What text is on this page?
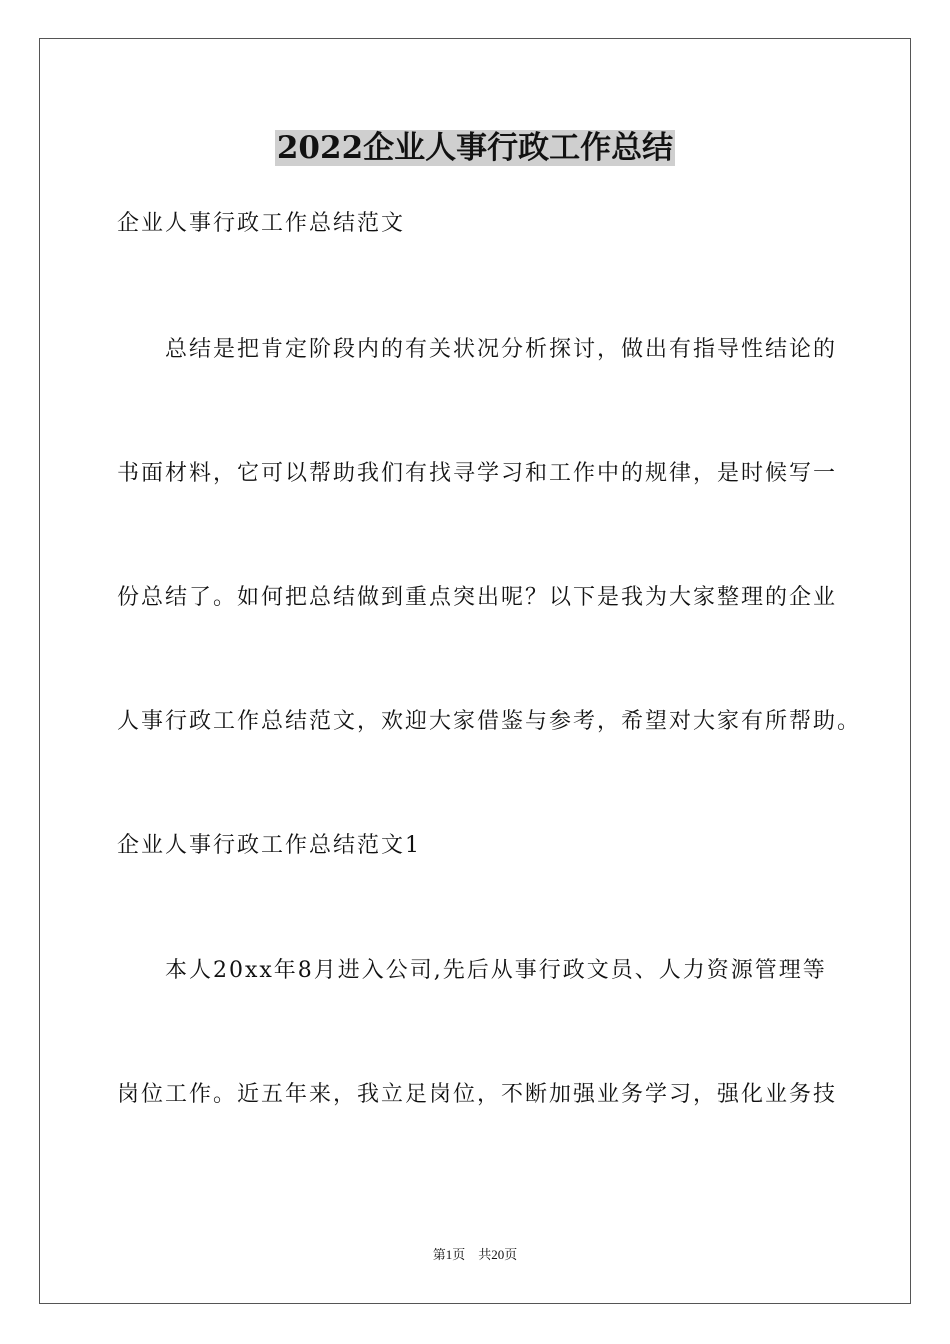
2022企业人事行政工作总结
企业人事行政工作总结范文
总结是把肯定阶段内的有关状况分析探讨，做出有指导性结论的
书面材料，它可以帮助我们有找寻学习和工作中的规律，是时候写一
份总结了。如何把总结做到重点突出呢？以下是我为大家整理的企业
人事行政工作总结范文，欢迎大家借鉴与参考，希望对大家有所帮助。
企业人事行政工作总结范文1
本人20xx年8月进入公司,先后从事行政文员、人力资源管理等
岗位工作。近五年来，我立足岗位，不断加强业务学习，强化业务技
第1页　共20页
